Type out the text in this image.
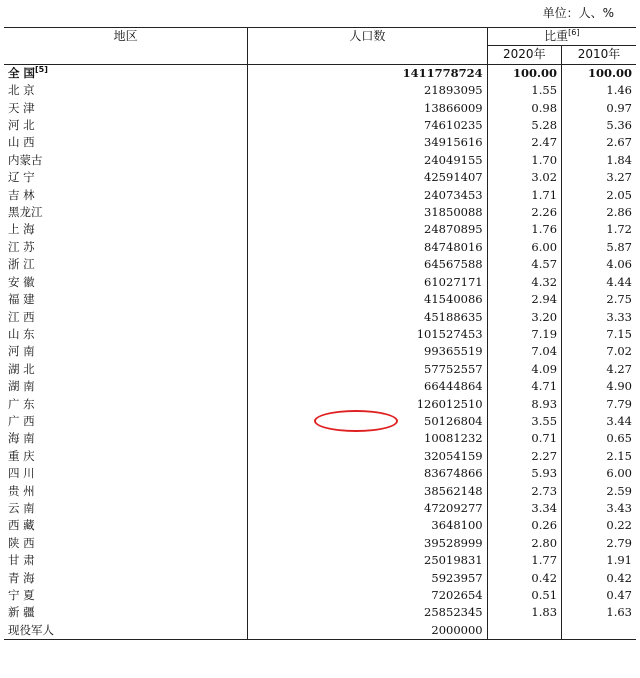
单位：人、%
地区	人口数	比重[6]
		2020年	2010年
全 国[5]	1411778724	100.00	100.00
北 京	21893095	1.55	1.46
天 津	13866009	0.98	0.97
河 北	74610235	5.28	5.36
山 西	34915616	2.47	2.67
内蒙古	24049155	1.70	1.84
辽 宁	42591407	3.02	3.27
吉 林	24073453	1.71	2.05
黑龙江	31850088	2.26	2.86
上 海	24870895	1.76	1.72
江 苏	84748016	6.00	5.87
浙 江	64567588	4.57	4.06
安 徽	61027171	4.32	4.44
福 建	41540086	2.94	2.75
江 西	45188635	3.20	3.33
山 东	101527453	7.19	7.15
河 南	99365519	7.04	7.02
湖 北	57752557	4.09	4.27
湖 南	66444864	4.71	4.90
广 东	126012510	8.93	7.79
广 西	50126804	3.55	3.44
海 南	10081232	0.71	0.65
重 庆	32054159	2.27	2.15
四 川	83674866	5.93	6.00
贵 州	38562148	2.73	2.59
云 南	47209277	3.34	3.43
西 藏	3648100	0.26	0.22
陕 西	39528999	2.80	2.79
甘 肃	25019831	1.77	1.91
青 海	5923957	0.42	0.42
宁 夏	7202654	0.51	0.47
新 疆	25852345	1.83	1.63
现役军人	2000000		
